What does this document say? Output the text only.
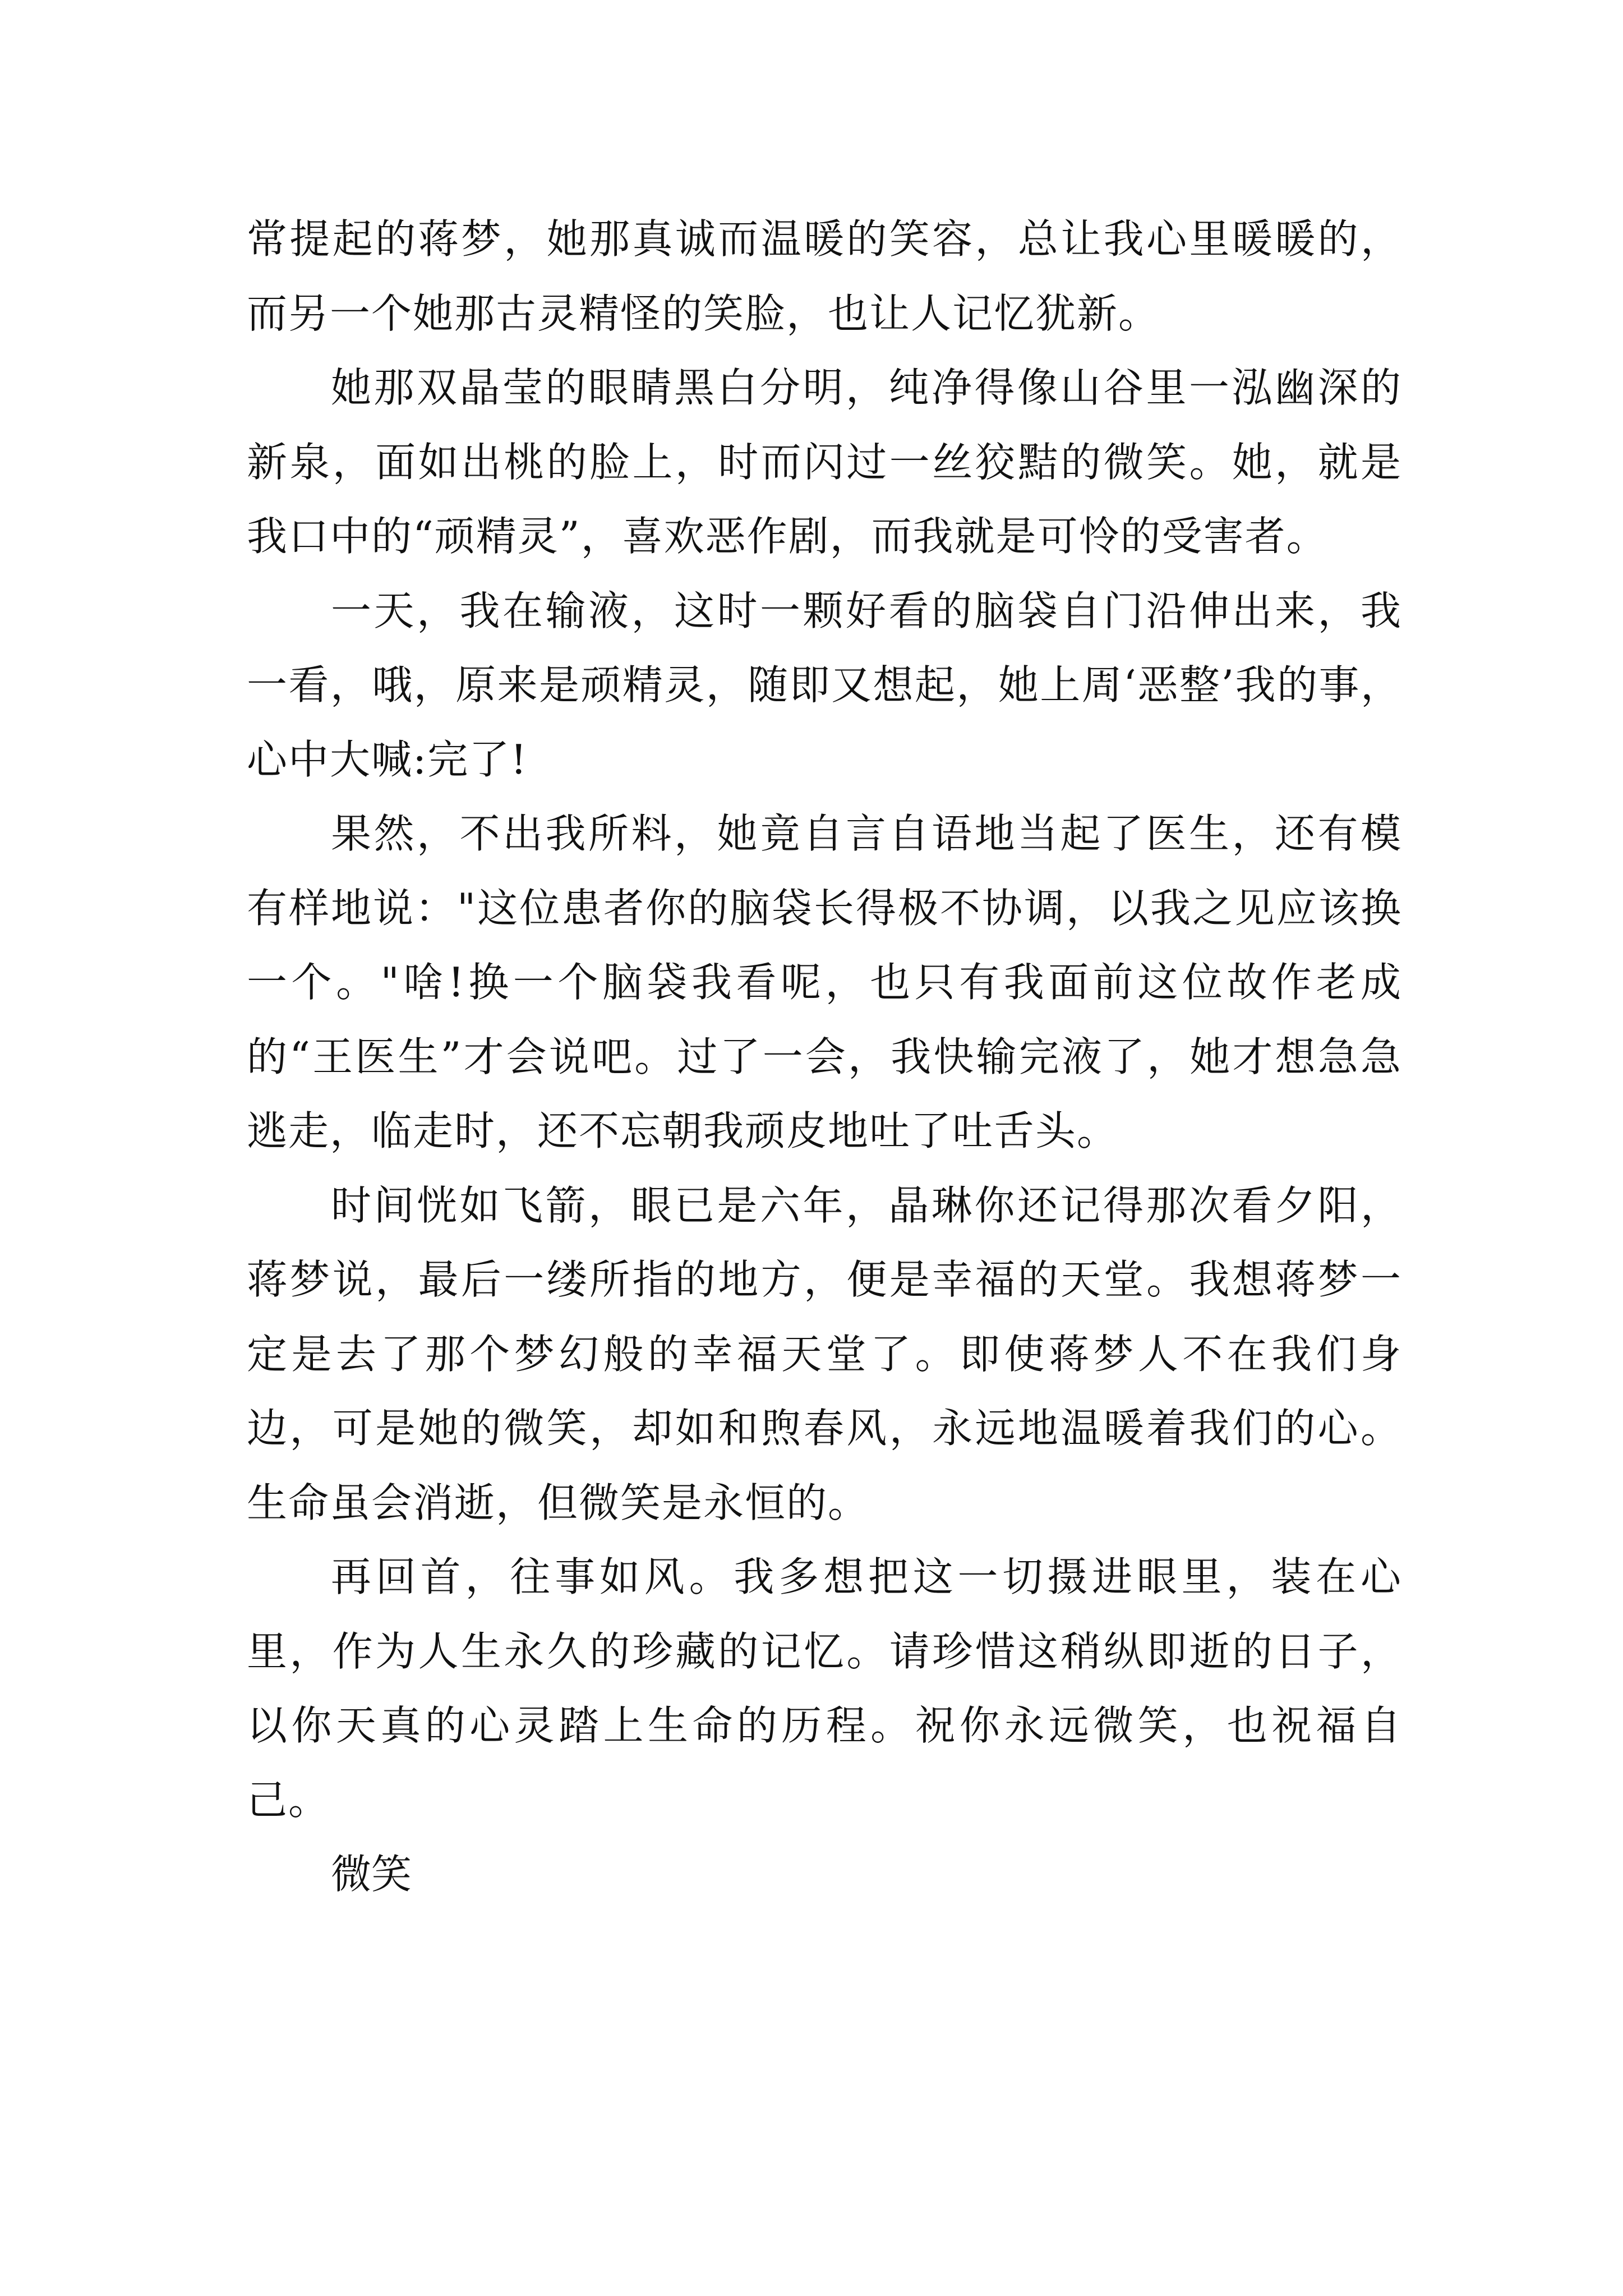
常提起的蒋梦，她那真诚而温暖的笑容，总让我心里暖暖的，而另一个她那古灵精怪的笑脸，也让人记忆犹新。

她那双晶莹的眼睛黑白分明，纯净得像山谷里一泓幽深的新泉，面如出桃的脸上，时而闪过一丝狡黠的微笑。她，就是我口中的“顽精灵”，喜欢恶作剧，而我就是可怜的受害者。

一天，我在输液，这时一颗好看的脑袋自门沿伸出来，我一看，哦，原来是顽精灵，随即又想起，她上周‘恶整’我的事，心中大喊:完了!

果然，不出我所料，她竟自言自语地当起了医生，还有模有样地说："这位患者你的脑袋长得极不协调，以我之见应该换一个。"啥!换一个脑袋我看呢，也只有我面前这位故作老成的“王医生”才会说吧。过了一会，我快输完液了，她才想急急逃走，临走时，还不忘朝我顽皮地吐了吐舌头。

时间恍如飞箭，眼已是六年，晶琳你还记得那次看夕阳，蒋梦说，最后一缕所指的地方，便是幸福的天堂。我想蒋梦一定是去了那个梦幻般的幸福天堂了。即使蒋梦人不在我们身边，可是她的微笑，却如和煦春风，永远地温暖着我们的心。生命虽会消逝，但微笑是永恒的。

再回首，往事如风。我多想把这一切摄进眼里，装在心里，作为人生永久的珍藏的记忆。请珍惜这稍纵即逝的日子，以你天真的心灵踏上生命的历程。祝你永远微笑，也祝福自己。

微笑
